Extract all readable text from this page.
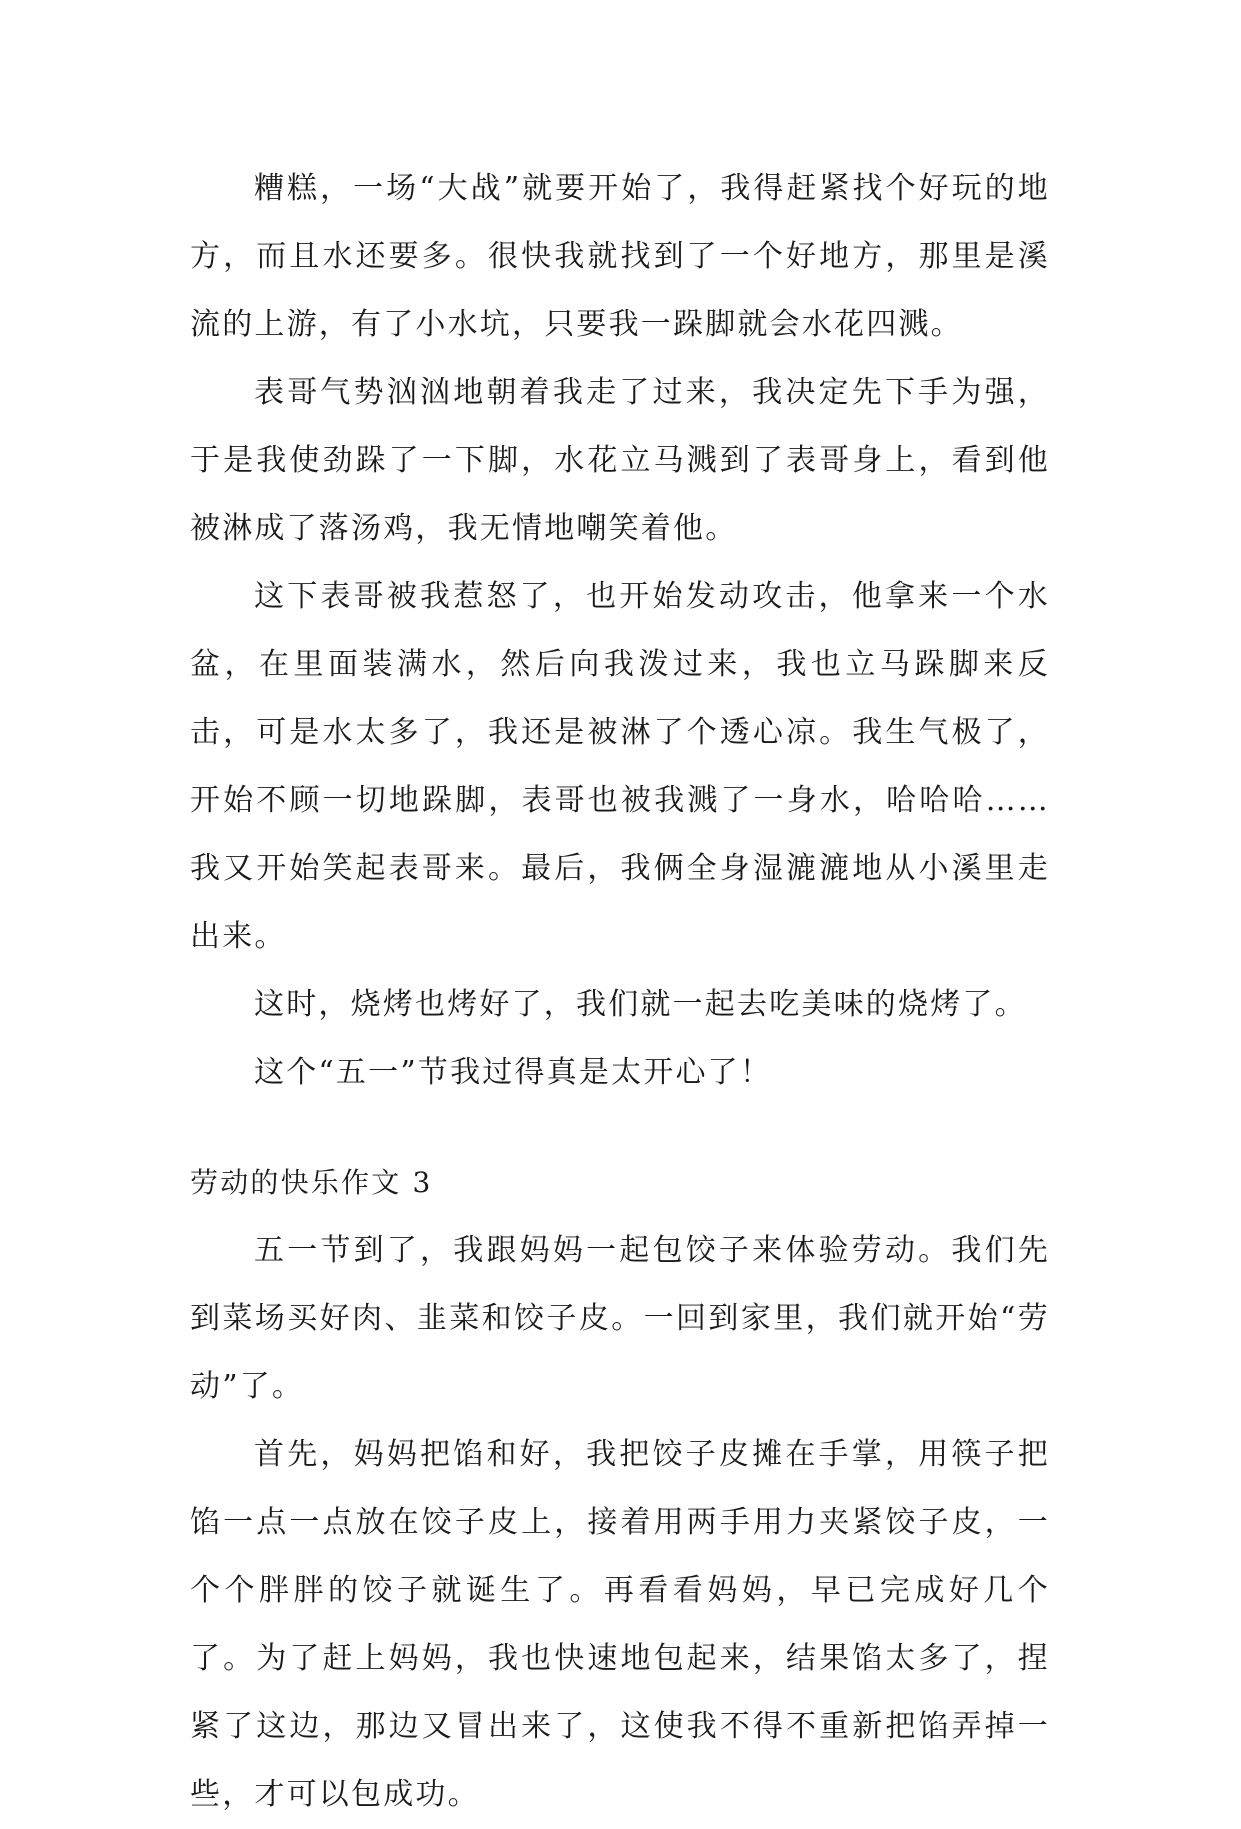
糟糕，一场“大战”就要开始了，我得赶紧找个好玩的地方，而且水还要多。很快我就找到了一个好地方，那里是溪流的上游，有了小水坑，只要我一跺脚就会水花四溅。

表哥气势汹汹地朝着我走了过来，我决定先下手为强，于是我使劲跺了一下脚，水花立马溅到了表哥身上，看到他被淋成了落汤鸡，我无情地嘲笑着他。

这下表哥被我惹怒了，也开始发动攻击，他拿来一个水盆，在里面装满水，然后向我泼过来，我也立马跺脚来反击，可是水太多了，我还是被淋了个透心凉。我生气极了，开始不顾一切地跺脚，表哥也被我溅了一身水，哈哈哈……我又开始笑起表哥来。最后，我俩全身湿漉漉地从小溪里走出来。

这时，烧烤也烤好了，我们就一起去吃美味的烧烤了。

这个“五一”节我过得真是太开心了！

劳动的快乐作文 3

五一节到了，我跟妈妈一起包饺子来体验劳动。我们先到菜场买好肉、韭菜和饺子皮。一回到家里，我们就开始“劳动”了。

首先，妈妈把馅和好，我把饺子皮摊在手掌，用筷子把馅一点一点放在饺子皮上，接着用两手用力夹紧饺子皮，一个个胖胖的饺子就诞生了。再看看妈妈，早已完成好几个了。为了赶上妈妈，我也快速地包起来，结果馅太多了，捏紧了这边，那边又冒出来了，这使我不得不重新把馅弄掉一些，才可以包成功。
